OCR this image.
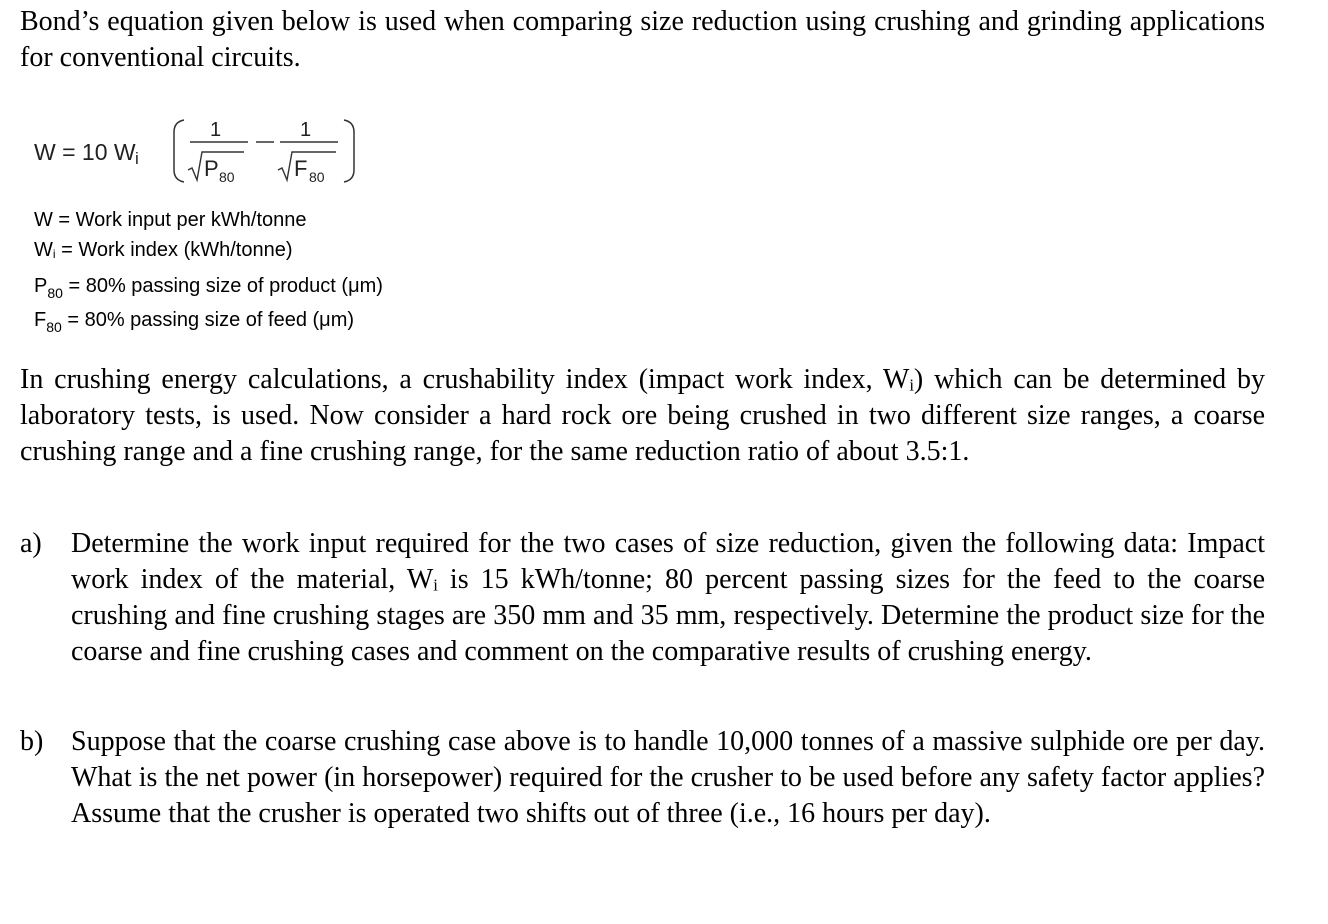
Bond’s equation given below is used when comparing size reduction using crushing and grinding applications for conventional circuits.

W = 10 W i
1
P 80
1
F 80
W = Work input per kWh/tonne
$W_i$ = Work index (kWh/tonne)
$P_{80} = 80\%$ passing size of product (μm)
$F_{80} = 80\%$ passing size of feed (μm)

In crushing energy calculations, a crushability index (impact work index, Wᵢ) which can be determined by laboratory tests, is used. Now consider a hard rock ore being crushed in two different size ranges, a coarse crushing range and a fine crushing range, for the same reduction ratio of about 3.5:1.

a)	Determine the work input required for the two cases of size reduction, given the following data: Impact work index of the material, Wᵢ is 15 kWh/tonne; 80 percent passing sizes for the feed to the coarse crushing and fine crushing stages are 350 mm and 35 mm, respectively. Determine the product size for the coarse and fine crushing cases and comment on the comparative results of crushing energy.

b) Suppose that the coarse crushing case above is to handle 10,000 tonnes of a massive sulphide ore per day. What is the net power (in horsepower) required for the crusher to be used before any safety factor applies? Assume that the crusher is operated two shifts out of three (i.e., 16 hours per day).
